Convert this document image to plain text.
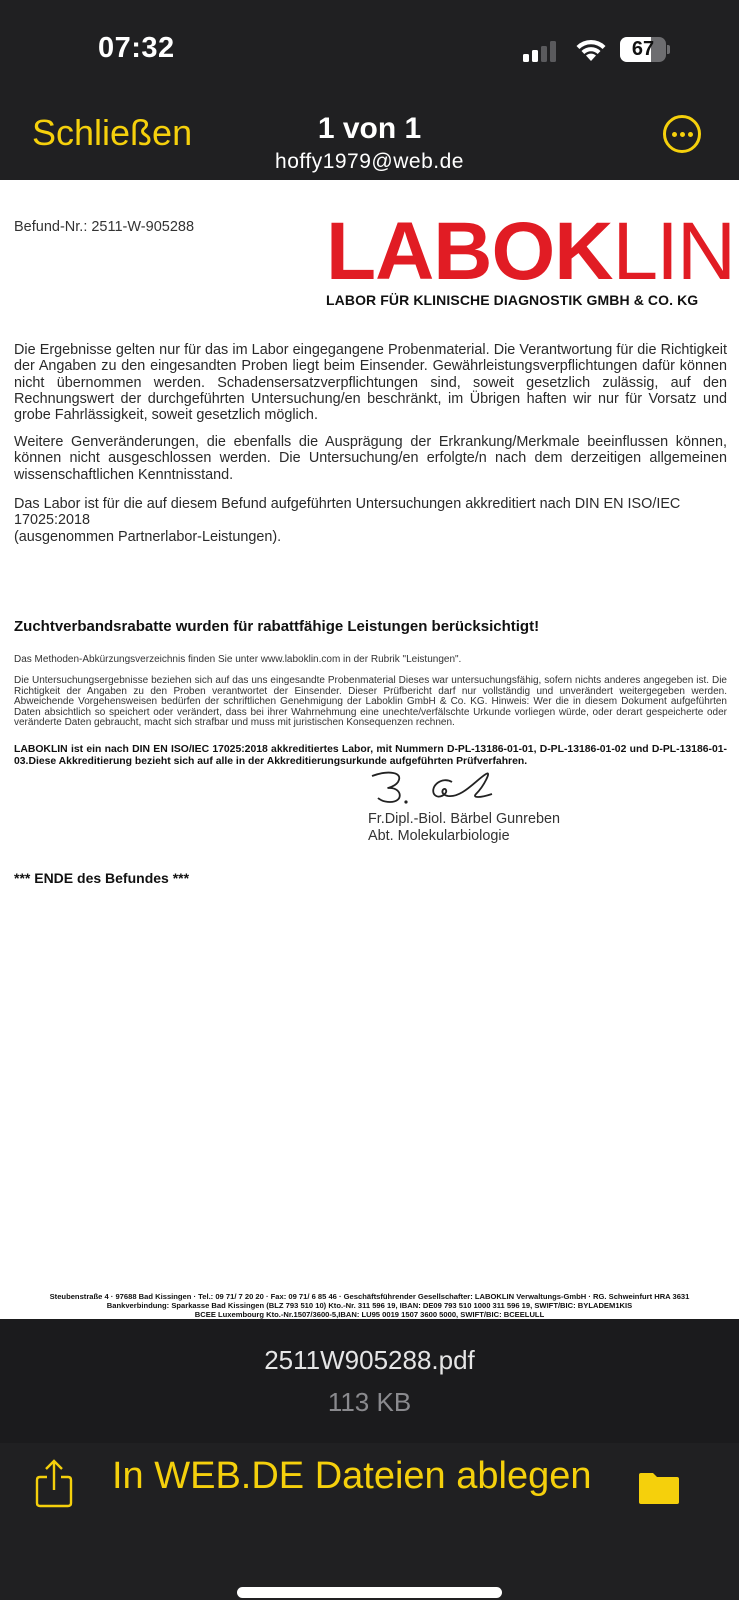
07:32	67
Schließen	1 von 1
hoffy1979@web.de
Befund-Nr.: 2511-W-905288 LABOKLIN
LABOR FÜR KLINISCHE DIAGNOSTIK GMBH & CO. KG
Die Ergebnisse gelten nur für das im Labor eingegangene Probenmaterial. Die Verantwortung für die Richtigkeit der Angaben zu den eingesandten Proben liegt beim Einsender. Gewährleistungsverpflichtungen dafür können nicht übernommen werden. Schadensersatzverpflichtungen sind, soweit gesetzlich zulässig, auf den Rechnungswert der durchgeführten Untersuchung/en beschränkt, im Übrigen haften wir nur für Vorsatz und grobe Fahrlässigkeit, soweit gesetzlich möglich.
Weitere Genveränderungen, die ebenfalls die Ausprägung der Erkrankung/Merkmale beeinflussen können, können nicht ausgeschlossen werden. Die Untersuchung/en erfolgte/n nach dem derzeitigen allgemeinen wissenschaftlichen Kenntnisstand.
Das Labor ist für die auf diesem Befund aufgeführten Untersuchungen akkreditiert nach DIN EN ISO/IEC 17025:2018
(ausgenommen Partnerlabor-Leistungen).
Zuchtverbandsrabatte wurden für rabattfähige Leistungen berücksichtigt!
Das Methoden-Abkürzungsverzeichnis finden Sie unter www.laboklin.com in der Rubrik "Leistungen".
Die Untersuchungsergebnisse beziehen sich auf das uns eingesandte Probenmaterial Dieses war untersuchungsfähig, sofern nichts anderes angegeben ist. Die Richtigkeit der Angaben zu den Proben verantwortet der Einsender. Dieser Prüfbericht darf nur vollständig und unverändert weitergegeben werden. Abweichende Vorgehensweisen bedürfen der schriftlichen Genehmigung der Laboklin GmbH & Co. KG. Hinweis: Wer die in diesem Dokument aufgeführten Daten absichtlich so speichert oder verändert, dass bei ihrer Wahrnehmung eine unechte/verfälschte Urkunde vorliegen würde, oder derart gespeicherte oder veränderte Daten gebraucht, macht sich strafbar und muss mit juristischen Konsequenzen rechnen.
LABOKLIN ist ein nach DIN EN ISO/IEC 17025:2018 akkreditiertes Labor, mit Nummern D-PL-13186-01-01, D-PL-13186-01-02 und D-PL-13186-01-03.Diese Akkreditierung bezieht sich auf alle in der Akkreditierungsurkunde aufgeführten Prüfverfahren.
Fr.Dipl.-Biol. Bärbel Gunreben
Abt. Molekularbiologie
*** ENDE des Befundes ***
Steubenstraße 4 · 97688 Bad Kissingen · Tel.: 09 71/ 7 20 20 · Fax: 09 71/ 6 85 46 · Geschäftsführender Gesellschafter: LABOKLIN Verwaltungs-GmbH · RG. Schweinfurt HRA 3631
Bankverbindung: Sparkasse Bad Kissingen (BLZ 793 510 10) Kto.-Nr. 311 596 19, IBAN: DE09 793 510 1000 311 596 19, SWIFT/BIC: BYLADEM1KIS
BCEE Luxembourg Kto.-Nr.1507/3600-5,IBAN: LU95 0019 1507 3600 5000, SWIFT/BIC: BCEELULL
2511W905288.pdf
113 KB
In WEB.DE Dateien ablegen
